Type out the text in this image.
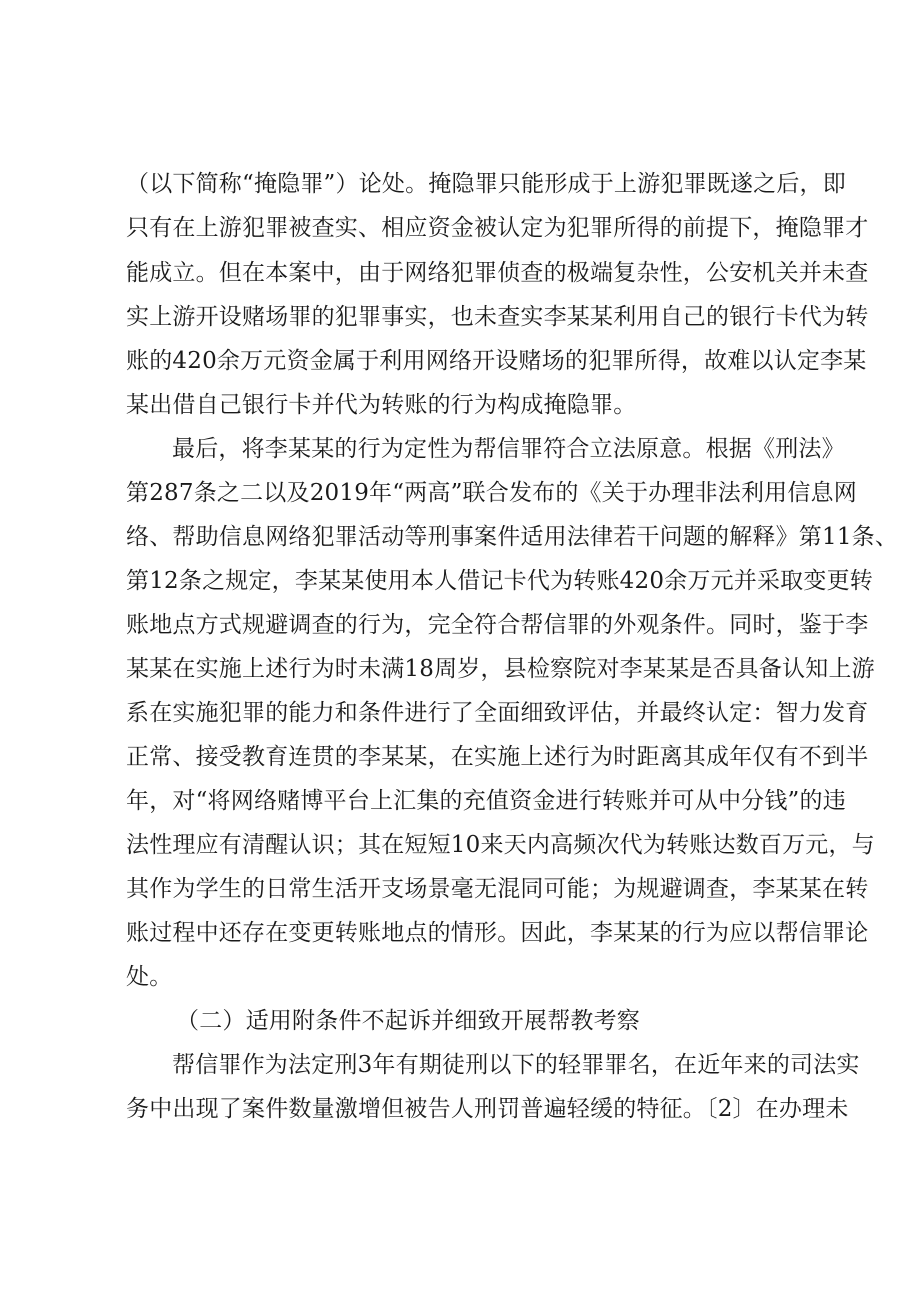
（以下简称“掩隐罪”）论处。掩隐罪只能形成于上游犯罪既遂之后，即
只有在上游犯罪被查实、相应资金被认定为犯罪所得的前提下，掩隐罪才
能成立。但在本案中，由于网络犯罪侦查的极端复杂性，公安机关并未查
实上游开设赌场罪的犯罪事实，也未查实李某某利用自己的银行卡代为转
账的420余万元资金属于利用网络开设赌场的犯罪所得，故难以认定李某
某出借自己银行卡并代为转账的行为构成掩隐罪。
最后，将李某某的行为定性为帮信罪符合立法原意。根据《刑法》
第287条之二以及2019年“两高”联合发布的《关于办理非法利用信息网
络、帮助信息网络犯罪活动等刑事案件适用法律若干问题的解释》第11条、
第12条之规定，李某某使用本人借记卡代为转账420余万元并采取变更转
账地点方式规避调查的行为，完全符合帮信罪的外观条件。同时，鉴于李
某某在实施上述行为时未满18周岁，县检察院对李某某是否具备认知上游
系在实施犯罪的能力和条件进行了全面细致评估，并最终认定：智力发育
正常、接受教育连贯的李某某，在实施上述行为时距离其成年仅有不到半
年，对“将网络赌博平台上汇集的充值资金进行转账并可从中分钱”的违
法性理应有清醒认识；其在短短10来天内高频次代为转账达数百万元，与
其作为学生的日常生活开支场景毫无混同可能；为规避调查，李某某在转
账过程中还存在变更转账地点的情形。因此，李某某的行为应以帮信罪论
处。
（二）适用附条件不起诉并细致开展帮教考察
帮信罪作为法定刑3年有期徒刑以下的轻罪罪名，在近年来的司法实
务中出现了案件数量激增但被告人刑罚普遍轻缓的特征。〔2〕在办理未
